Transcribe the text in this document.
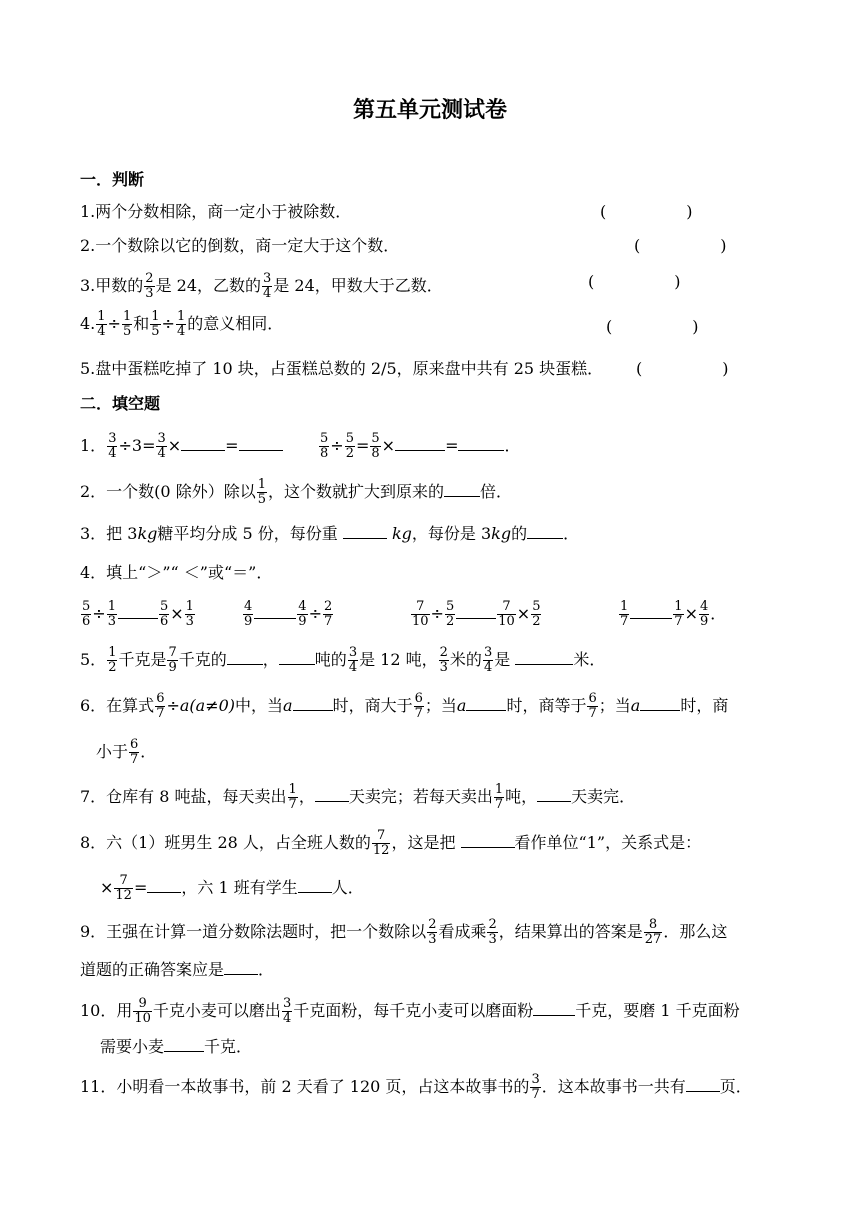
第五单元测试卷
一．判断
1.两个分数相除，商一定小于被除数．	(　　　　　)
2.一个数除以它的倒数，商一定大于这个数．
3.甲数的 $\frac{2}{3}$ 是 24，乙数的 $\frac{3}{4}$ 是 24，甲数大于乙数．	(　　　　　)
4. $\frac{1}{4} \div \frac{1}{5}$ 和 $\frac{1}{5} \div \frac{1}{4}$ 的意义相同．	(　　　　　)
5.盘中蛋糕吃掉了 10 块，占蛋糕总数的 2/5，原来盘中共有 25 块蛋糕． (　　　　　)
二．填空题
1． $\frac{3}{4} \div 3= \frac{3}{4}$ ×	=	$\frac{5}{8} \div \frac{5}{2} = \frac{5}{8}$ ×	=	．
2．一个数(0 除外）除以 $\frac{1}{5}$ ，这个数就扩大到原来的 倍．
3．把 3kg糖平均分成 5 份，每份重	kg，每份是 3kg的 ．
4．填上“＞”“ ＜”或“＝”．
$\frac{5}{6} \div \frac{1}{3}$	$\frac{5}{6} \times \frac{1}{3}$	$\frac{4}{9}$	$\frac{4}{9} \div \frac{2}{7}$	$\frac{7}{10} \div \frac{5}{2}$	$\frac{7}{10} \times \frac{5}{2}$	$\frac{1}{7}$	$\frac{1}{7} \times \frac{4}{9}$ ．
5． $\frac{1}{2}$ 千克是 $\frac{7}{9}$ 千克的 ， 吨的 $\frac{3}{4}$ 是 12 吨， $\frac{2}{3}$ 米的 $\frac{3}{4}$ 是	米．
6．在算式 $\frac{6}{7} \div a(a\ne 0)$中，当a	时，商大于 $\frac{6}{7}$ ；当a	时，商等于 $\frac{6}{7}$ ；当a	时，商
小于 $\frac{6}{7}$ ．
7．仓库有 8 吨盐，每天卖出 $\frac{1}{7}$ ， 天卖完；若每天卖出 $\frac{1}{7}$ 吨， 天卖完．
8．六（1）班男生 28 人，占全班人数的 $\frac{7}{12}$ ，这是把	看作单位“1”，关系式是：
× $\frac{7}{12}$ = ，六 1 班有学生 人．
9．王强在计算一道分数除法题时，把一个数除以 $\frac{2}{3}$ 看成乘 $\frac{2}{3}$ ，结果算出的答案是 $\frac{8}{27}$ ．那么这
道题的正确答案应是 ．
10．用 $\frac{9}{10}$ 千克小麦可以磨出 $\frac{3}{4}$ 千克面粉，每千克小麦可以磨面粉	千克，要磨 1 千克面粉
需要小麦	千克．
11．小明看一本故事书，前 2 天看了 120 页，占这本故事书的 $\frac{3}{7}$ ．这本故事书一共有 页．
(　　　　　)
